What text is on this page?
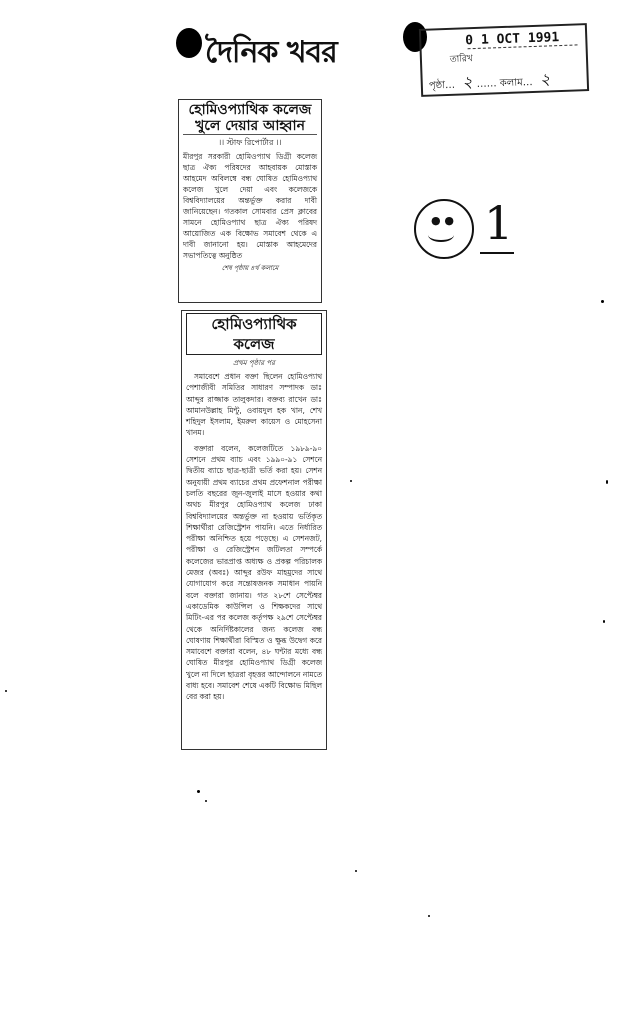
দৈনিক খবর	0 1 OCT 1991
তারিখ
পৃষ্ঠা… ২ …… কলাম… ২
● ● 1
হোমিওপ্যাথিক কলেজ খুলে দেয়ার আহ্বান
।। স্টাফ রিপোর্টার ।।
মীরপুর সরকারী হোমিওপ্যাথ ডিগ্রী কলেজ ছাত্র ঐক্য পরিষদের আহবায়ক মোস্তাক আহমেদ অবিলম্বে বন্ধ ঘোষিত হোমিওপ্যাথ কলেজ খুলে দেয়া এবং কলেজকে বিশ্ববিদ্যালয়ের অন্তর্ভুক্ত করার দাবী জানিয়েছেন। গতকাল সোমবার প্রেস ক্লাবের সামনে হোমিওপ্যাথ ছাত্র ঐক্য পরিষদ আয়োজিত এক বিক্ষোভ সমাবেশ থেকে এ দাবী জানানো হয়। মোস্তাক আহমেদের সভাপতিত্বে অনুষ্ঠিত
শেষ পৃষ্ঠায় ৪র্থ কলামে
হোমিওপ্যাথিক কলেজ
প্রথম পৃষ্ঠার পর

সমাবেশে প্রধান বক্তা ছিলেন হোমিওপ্যাথ পেশাজীবী সমিতির সাধারণ সম্পাদক ডাঃ আব্দুর রাজ্জাক তালুকদার। বক্তব্য রাখেন ডাঃ আমানউল্লাহ মিন্টু, ওবায়দুল হক খান, শেখ শহিদুল ইসলাম, ইমরুল কায়েস ও মোহসেনা খানম।

বক্তারা বলেন, কলেজটিতে ১৯৮৯-৯০ সেশনে প্রথম ব্যাচ এবং ১৯৯০-৯১ সেশনে দ্বিতীয় ব্যাচে ছাত্র-ছাত্রী ভর্তি করা হয়। সেশন অনুযায়ী প্রথম ব্যাচের প্রথম প্রফেশনাল পরীক্ষা চলতি বছরের জুন-জুলাই মাসে হওয়ার কথা অথচ মীরপুর হোমিওপ্যাথ কলেজ ঢাকা বিশ্ববিদ্যালয়ের অন্তর্ভুক্ত না হওয়ায় ভর্তিকৃত শিক্ষার্থীরা রেজিস্ট্রেশন পায়নি। এতে নির্ধারিত পরীক্ষা অনিশ্চিত হয়ে পড়েছে। এ সেশনজট, পরীক্ষা ও রেজিস্ট্রেশন জটিলতা সম্পর্কে কলেজের ভারপ্রাপ্ত অধ্যক্ষ ও প্রকল্প পরিচালক মেজর (অবঃ) আব্দুর রউফ মাহমুদের সাথে যোগাযোগ করে সন্তোষজনক সমাধান পায়নি বলে বক্তারা জানায়। গত ২৮শে সেপ্টেম্বর একাডেমিক কাউন্সিল ও শিক্ষকদের সাথে মিটিং-এর পর কলেজ কর্তৃপক্ষ ২৯শে সেপ্টেম্বর থেকে অনির্দিষ্টকালের জন্য কলেজ বন্ধ ঘোষণায় শিক্ষার্থীরা বিস্মিত ও ক্ষুব্ধ উদ্বেগ করে সমাবেশে বক্তারা বলেন, ৪৮ ঘন্টার মধ্যে বন্ধ ঘোষিত মীরপুর হোমিওপ্যাথ ডিগ্রী কলেজ খুলে না দিলে ছাত্ররা বৃহত্তর আন্দোলনে নামতে বাধ্য হবে। সমাবেশ শেষে একটি বিক্ষোভ মিছিল বের করা হয়।
